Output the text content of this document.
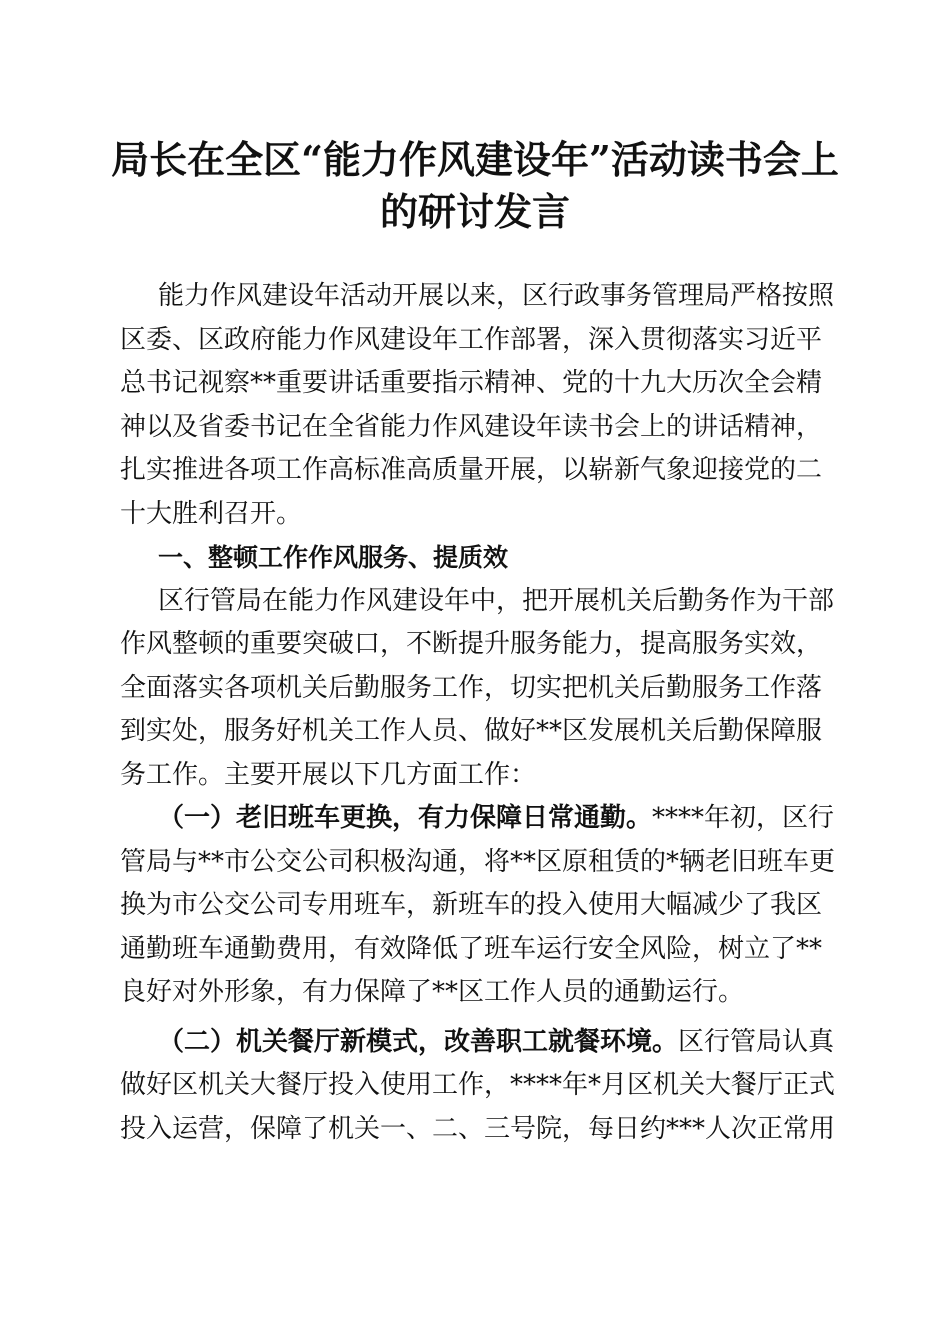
局长在全区“能力作风建设年”活动读书会上
的研讨发言

能力作风建设年活动开展以来，区行政事务管理局严格按照
区委、区政府能力作风建设年工作部署，深入贯彻落实习近平
总书记视察**重要讲话重要指示精神、党的十九大历次全会精
神以及省委书记在全省能力作风建设年读书会上的讲话精神，
扎实推进各项工作高标准高质量开展，以崭新气象迎接党的二
十大胜利召开。

一、整顿工作作风服务、提质效

区行管局在能力作风建设年中，把开展机关后勤务作为干部
作风整顿的重要突破口，不断提升服务能力，提高服务实效，
全面落实各项机关后勤服务工作，切实把机关后勤服务工作落
到实处，服务好机关工作人员、做好**区发展机关后勤保障服
务工作。主要开展以下几方面工作：

（一）老旧班车更换，有力保障日常通勤。****年初，区行
管局与**市公交公司积极沟通，将**区原租赁的*辆老旧班车更
换为市公交公司专用班车，新班车的投入使用大幅减少了我区
通勤班车通勤费用，有效降低了班车运行安全风险，树立了**
良好对外形象，有力保障了**区工作人员的通勤运行。

（二）机关餐厅新模式，改善职工就餐环境。区行管局认真
做好区机关大餐厅投入使用工作，****年*月区机关大餐厅正式
投入运营，保障了机关一、二、三号院，每日约***人次正常用
